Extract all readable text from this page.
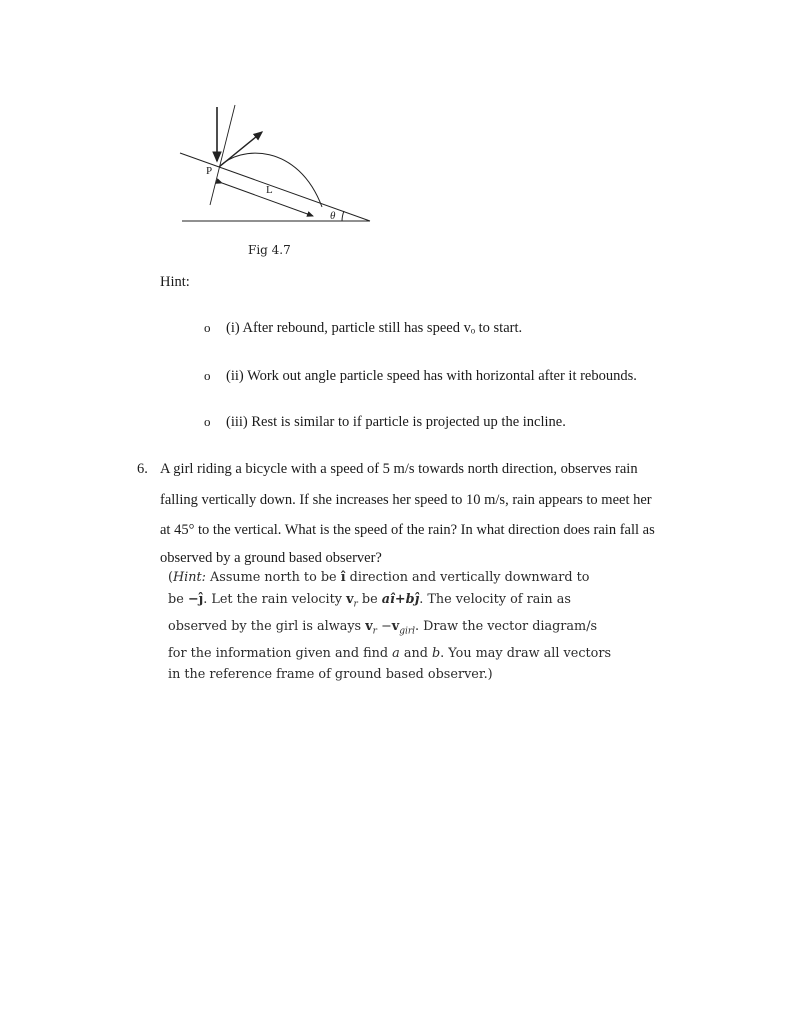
P
L
θ
Fig 4.7
Hint:
o (i) After rebound, particle still has speed vₒ to start.
o (ii) Work out angle particle speed has with horizontal after it rebounds.
o (iii) Rest is similar to if particle is projected up the incline.
6. A girl riding a bicycle with a speed of 5 m/s towards north direction, observes rain
falling vertically down. If she increases her speed to 10 m/s, rain appears to meet her
at 45° to the vertical. What is the speed of the rain? In what direction does rain fall as
observed by a ground based observer?
(Hint: Assume north to be î direction and vertically downward to
be −ĵ. Let the rain velocity $v_r$ be aî+bĵ. The velocity of rain as
observed by the girl is always $v_r -v_{girl}$. Draw the vector diagram/s
for the information given and find a and b. You may draw all vectors
in the reference frame of ground based observer.)
